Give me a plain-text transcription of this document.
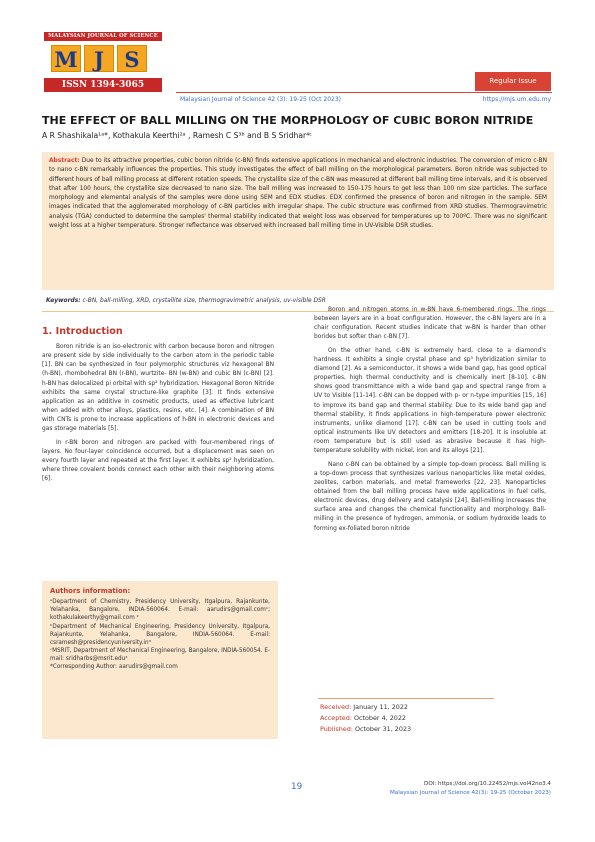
MALAYSIAN JOURNAL OF SCIENCE
M J S
ISSN 1394-3065	Regular Issue
Malaysian Journal of Science 42 (3): 19-25 (Oct 2023)	https://mjs.um.edu.my
THE EFFECT OF BALL MILLING ON THE MORPHOLOGY OF CUBIC BORON NITRIDE
A R Shashikala¹ᵃ*, Kothakula Keerthi²ᵃ , Ramesh C S³ᵇ and B S Sridhar⁴ᶜ
Abstract: Due to its attractive properties, cubic boron nitride (c-BN) finds extensive applications in mechanical and electronic industries. The conversion of micro c-BN to nano c-BN remarkably influences the properties. This study investigates the effect of ball milling on the morphological parameters. Boron nitride was subjected to different hours of ball milling process at different rotation speeds. The crystallite size of the c-BN was measured at different ball milling time intervals, and it is observed that after 100 hours, the crystallite size decreased to nano size. The ball milling was increased to 150-175 hours to get less than 100 nm size particles. The surface morphology and elemental analysis of the samples were done using SEM and EDX studies. EDX confirmed the presence of boron and nitrogen in the sample. SEM images indicated that the agglomerated morphology of c-BN particles with irregular shape. The cubic structure was confirmed from XRD studies. Thermogravimetric analysis (TGA) conducted to determine the samples' thermal stability indicated that weight loss was observed for temperatures up to 700ºC. There was no significant weight loss at a higher temperature. Stronger reflectance was observed with increased ball milling time in UV-Visible DSR studies.
Keywords: c-BN, ball-milling, XRD, crystallite size, thermogravimetric analysis, uv-visible DSR
1. Introduction

Boron nitride is an iso-electronic with carbon because boron and nitrogen are present side by side individually to the carbon atom in the periodic table [1]. BN can be synthesized in four polymorphic structures viz hexagonal BN (h-BN), rhombohedral BN (r-BN), wurtzite- BN (w-BN) and cubic BN (c-BN) [2]. h-BN has delocalized pi orbital with sp² hybridization. Hexagonal Boron Nitride exhibits the same crystal structure-like graphite [3]. It finds extensive application as an additive in cosmetic products, used as effective lubricant when added with other alloys, plastics, resins, etc. [4]. A combination of BN with CNTs is prone to increase applications of h-BN in electronic devices and gas storage materials [5].

In r-BN boron and nitrogen are packed with four-membered rings of layers. No four-layer coincidence occurred, but a displacement was seen on every fourth layer and repeated at the first layer. It exhibits sp² hybridization, where three covalent bonds connect each other with their neighboring atoms [6].

Boron and nitrogen atoms in w-BN have 6-membered rings. The rings between layers are in a boat configuration. However, the c-BN layers are in a chair configuration. Recent studies indicate that w-BN is harder than other borides but softer than c-BN [7].

On the other hand, c-BN is extremely hard, close to a diamond's hardness. It exhibits a single crystal phase and sp³ hybridization similar to diamond [2]. As a semiconductor, it shows a wide band gap, has good optical properties, high thermal conductivity and is chemically inert [8-10]. c-BN shows good transmittance with a wide band gap and spectral range from a UV to Visible [11-14]. c-BN can be dopped with p- or n-type impurities [15, 16] to improve its band gap and thermal stability. Due to its wide band gap and thermal stability, it finds applications in high-temperature power electronic instruments, unlike diamond [17]. c-BN can be used in cutting tools and optical instruments like UV detectors and emitters [18-20]. It is insoluble at room temperature but is still used as abrasive because it has high-temperature solubility with nickel, iron and its alloys [21].

Nano c-BN can be obtained by a simple top-down process. Ball milling is a top-down process that synthesizes various nanoparticles like metal oxides, zeolites, carbon materials, and metal frameworks [22, 23]. Nanoparticles obtained from the ball milling process have wide applications in fuel cells, electronic devices, drug delivery and catalysis [24]. Ball-milling increases the surface area and changes the chemical functionality and morphology. Ball-milling in the presence of hydrogen, ammonia, or sodium hydroxide leads to forming ex-foliated boron nitride

Authors information:
ᵃDepartment of Chemistry, Presidency University, Itgalpura, Rajankunte, Yelahanka, Bangalore, INDIA-560064. E-mail: aarudirs@gmail.com¹; kothakulakeerthy@gmail.com ²
ᵇDepartment of Mechanical Engineering, Presidency University, Itgalpura, Rajankunte, Yelahanka, Bangalore, INDIA-560064. E-mail: csramesh@presidencyuniversity.in³
ᶜMSRIT, Department of Mechanical Engineering, Bangalore, INDIA-560054. E-mail: sridharbs@msrit.edu⁴
*Corresponding Author: aarudirs@gmail.com
Received: January 11, 2022
Accepted: October 4, 2022
Published: October 31, 2023
19	DOI: https://doi.org/10.22452/mjs.vol42no3.4
Malaysian Journal of Science 42(3): 19-25 (October 2023)
